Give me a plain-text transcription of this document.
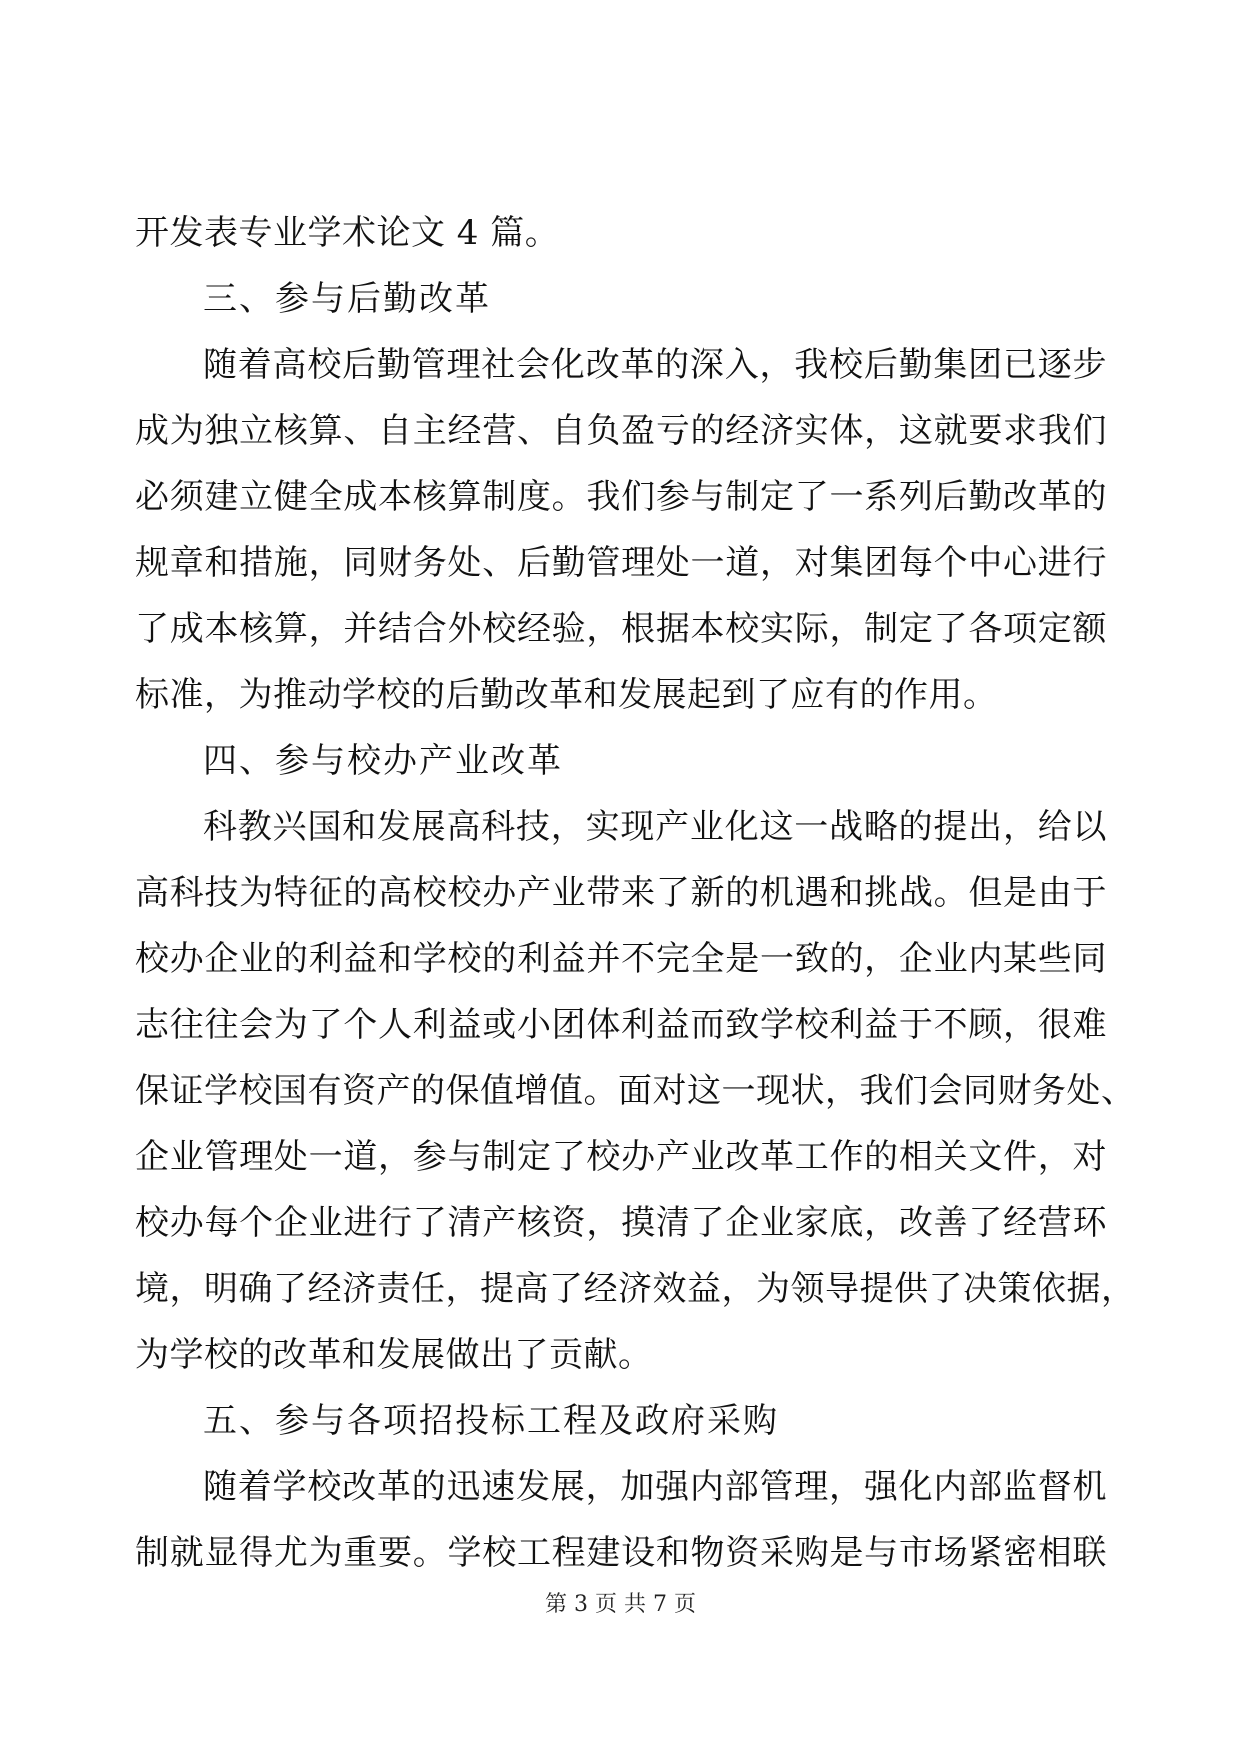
开发表专业学术论文 4 篇。
三、参与后勤改革
随着高校后勤管理社会化改革的深入，我校后勤集团已逐步
成为独立核算、自主经营、自负盈亏的经济实体，这就要求我们
必须建立健全成本核算制度。我们参与制定了一系列后勤改革的
规章和措施，同财务处、后勤管理处一道，对集团每个中心进行
了成本核算，并结合外校经验，根据本校实际，制定了各项定额
标准，为推动学校的后勤改革和发展起到了应有的作用。
四、参与校办产业改革
科教兴国和发展高科技，实现产业化这一战略的提出，给以
高科技为特征的高校校办产业带来了新的机遇和挑战。但是由于
校办企业的利益和学校的利益并不完全是一致的，企业内某些同
志往往会为了个人利益或小团体利益而致学校利益于不顾，很难
保证学校国有资产的保值增值。面对这一现状，我们会同财务处、
企业管理处一道，参与制定了校办产业改革工作的相关文件，对
校办每个企业进行了清产核资，摸清了企业家底，改善了经营环
境，明确了经济责任，提高了经济效益，为领导提供了决策依据，
为学校的改革和发展做出了贡献。
五、参与各项招投标工程及政府采购
随着学校改革的迅速发展，加强内部管理，强化内部监督机
制就显得尤为重要。学校工程建设和物资采购是与市场紧密相联
第 3 页 共 7 页
